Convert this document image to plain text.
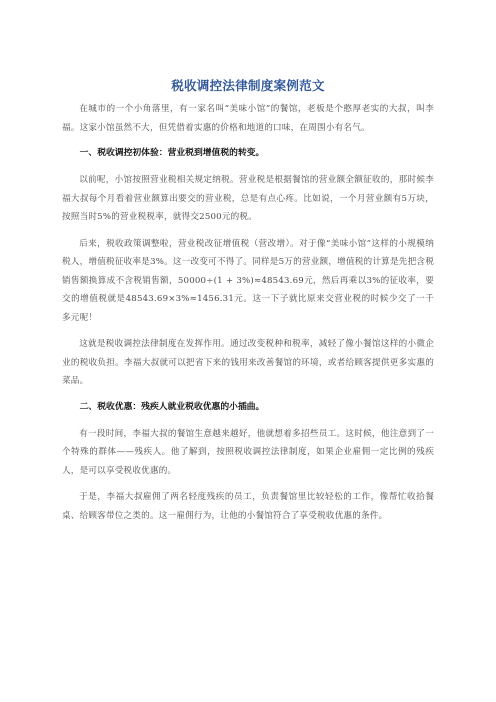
税收调控法律制度案例范文

在城市的一个小角落里，有一家名叫“美味小馆”的餐馆，老板是个憨厚老实的大叔，叫李福。这家小馆虽然不大，但凭借着实惠的价格和地道的口味，在周围小有名气。

一、税收调控初体验：营业税到增值税的转变。

以前呢，小馆按照营业税相关规定纳税。营业税是根据餐馆的营业额全额征收的，那时候李福大叔每个月看着营业额算出要交的营业税，总是有点心疼。比如说，一个月营业额有5万块，按照当时5%的营业税税率，就得交2500元的税。

后来，税收政策调整啦，营业税改征增值税（营改增）。对于像“美味小馆”这样的小规模纳税人，增值税征收率是3%。这一改变可不得了。同样是5万的营业额，增值税的计算是先把含税销售额换算成不含税销售额，50000÷(1 + 3%)≈48543.69元，然后再乘以3%的征收率，要交的增值税就是48543.69×3%≈1456.31元。这一下子就比原来交营业税的时候少交了一千多元呢！

这就是税收调控法律制度在发挥作用。通过改变税种和税率，减轻了像小餐馆这样的小微企业的税收负担。李福大叔就可以把省下来的钱用来改善餐馆的环境，或者给顾客提供更多实惠的菜品。

二、税收优惠：残疾人就业税收优惠的小插曲。

有一段时间，李福大叔的餐馆生意越来越好，他就想着多招些员工。这时候，他注意到了一个特殊的群体——残疾人。他了解到，按照税收调控法律制度，如果企业雇佣一定比例的残疾人，是可以享受税收优惠的。

于是，李福大叔雇佣了两名轻度残疾的员工，负责餐馆里比较轻松的工作，像帮忙收拾餐桌、给顾客带位之类的。这一雇佣行为，让他的小餐馆符合了享受税收优惠的条件。
